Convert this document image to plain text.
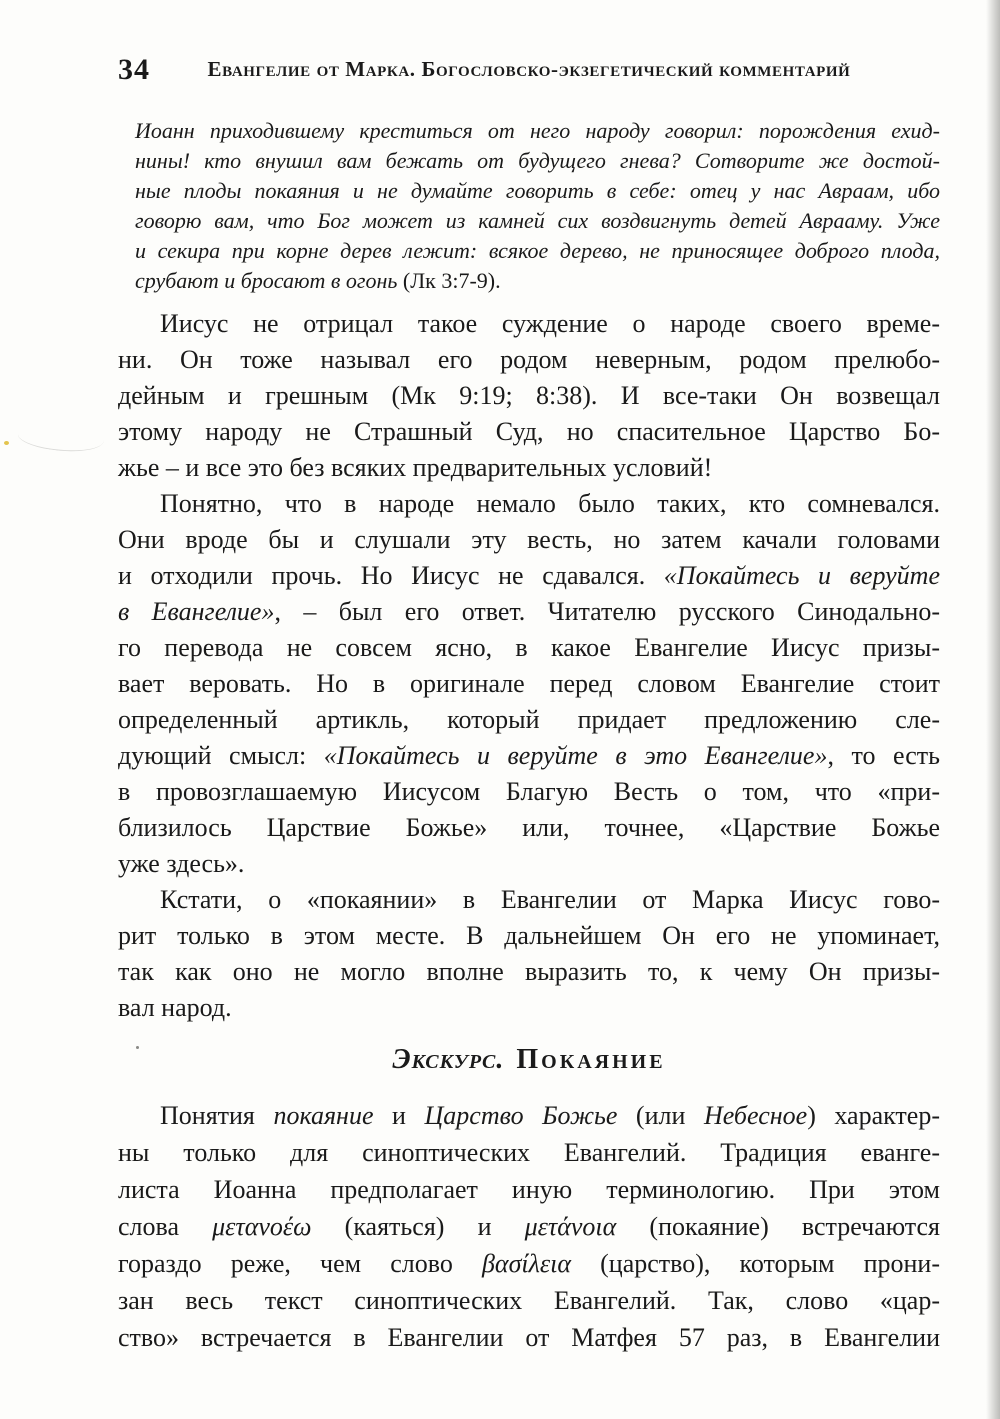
34	Евангелие от Марка. Богословско-экзегетический комментарий
Иоанн приходившему креститься от него народу говорил: порождения ехид-
нины! кто внушил вам бежать от будущего гнева? Сотворите же достой-
ные плоды покаяния и не думайте говорить в себе: отец у нас Авраам, ибо
говорю вам, что Бог может из камней сих воздвигнуть детей Аврааму. Уже
и секира при корне дерев лежит: всякое дерево, не приносящее доброго плода,
срубают и бросают в огонь (Лк 3:7-9).
Иисус не отрицал такое суждение о народе своего време-
ни. Он тоже называл его родом неверным, родом прелюбо-
дейным и грешным (Мк 9:19; 8:38). И все-таки Он возвещал
этому народу не Страшный Суд, но спасительное Царство Бо-
жье – и все это без всяких предварительных условий!
Понятно, что в народе немало было таких, кто сомневался.
Они вроде бы и слушали эту весть, но затем качали головами
и отходили прочь. Но Иисус не сдавался. «Покайтесь и веруйте
в Евангелие», – был его ответ. Читателю русского Синодально-
го перевода не совсем ясно, в какое Евангелие Иисус призы-
вает веровать. Но в оригинале перед словом Евангелие стоит
определенный артикль, который придает предложению сле-
дующий смысл: «Покайтесь и веруйте в это Евангелие», то есть
в провозглашаемую Иисусом Благую Весть о том, что «при-
близилось Царствие Божье» или, точнее, «Царствие Божье
уже здесь».
Кстати, о «покаянии» в Евангелии от Марка Иисус гово-
рит только в этом месте. В дальнейшем Он его не упоминает,
так как оно не могло вполне выразить то, к чему Он призы-
вал народ.
Экскурс. Покаяние
Понятия покаяние и Царство Божье (или Небесное) характер-
ны только для синоптических Евангелий. Традиция еванге-
листа Иоанна предполагает иную терминологию. При этом
слова μετανοέω (каяться) и μετάνοια (покаяние) встречаются
гораздо реже, чем слово βασίλεια (царство), которым прони-
зан весь текст синоптических Евангелий. Так, слово «цар-
ство» встречается в Евангелии от Матфея 57 раз, в Евангелии
